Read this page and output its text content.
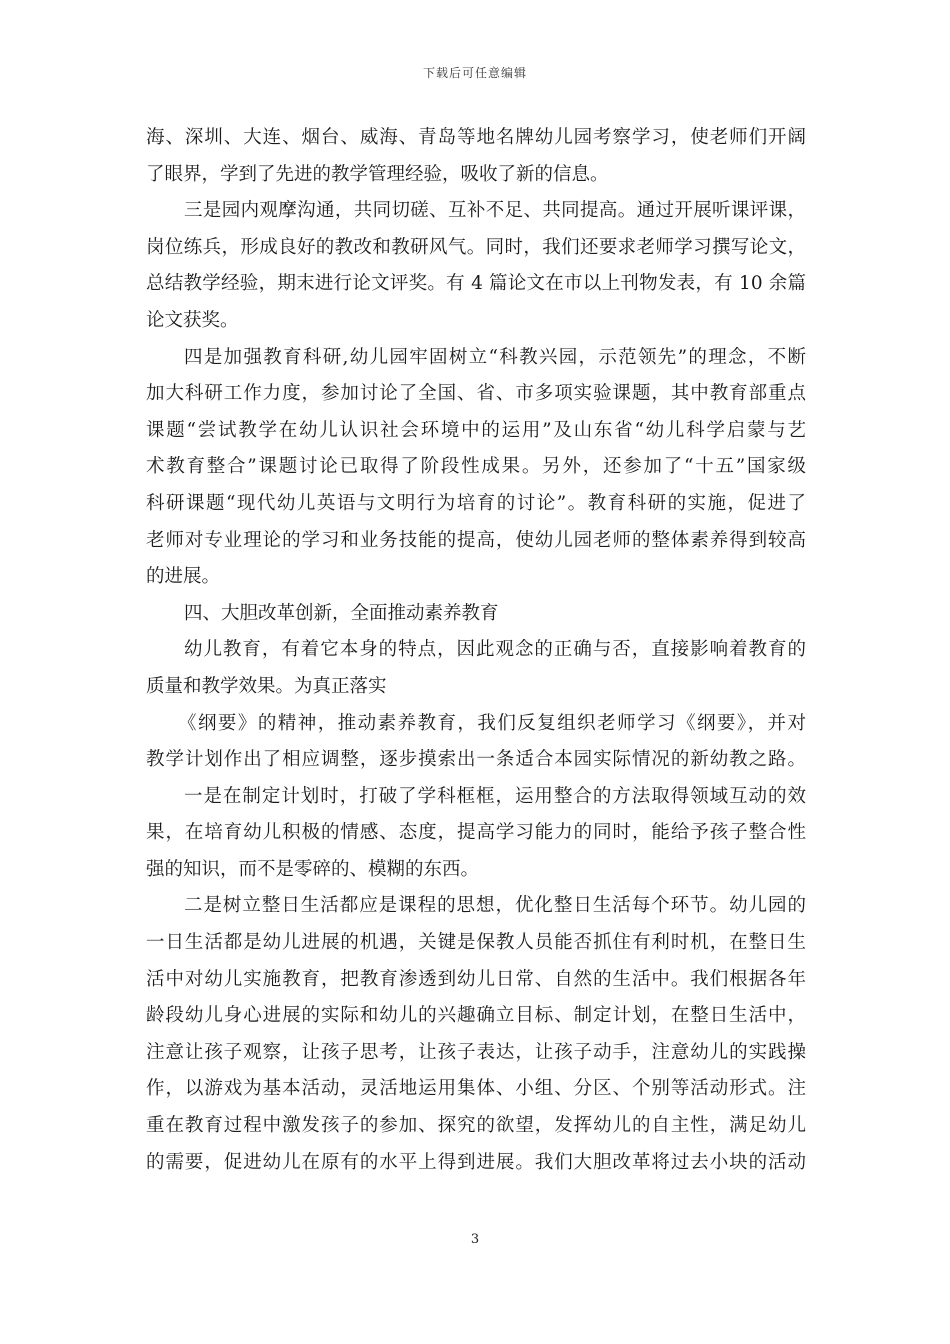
下载后可任意编辑
海、深圳、大连、烟台、威海、青岛等地名牌幼儿园考察学习，使老师们开阔
了眼界，学到了先进的教学管理经验，吸收了新的信息。
三是园内观摩沟通，共同切磋、互补不足、共同提高。通过开展听课评课，
岗位练兵，形成良好的教改和教研风气。同时，我们还要求老师学习撰写论文，
总结教学经验，期末进行论文评奖。有 4 篇论文在市以上刊物发表，有 10 余篇
论文获奖。
四是加强教育科研,幼儿园牢固树立“科教兴园，示范领先”的理念，不断
加大科研工作力度，参加讨论了全国、省、市多项实验课题，其中教育部重点
课题“尝试教学在幼儿认识社会环境中的运用”及山东省“幼儿科学启蒙与艺
术教育整合”课题讨论已取得了阶段性成果。另外，还参加了“十五”国家级
科研课题“现代幼儿英语与文明行为培育的讨论”。教育科研的实施，促进了
老师对专业理论的学习和业务技能的提高，使幼儿园老师的整体素养得到较高
的进展。
四、大胆改革创新，全面推动素养教育
幼儿教育，有着它本身的特点，因此观念的正确与否，直接影响着教育的
质量和教学效果。为真正落实
《纲要》的精神，推动素养教育，我们反复组织老师学习《纲要》，并对
教学计划作出了相应调整，逐步摸索出一条适合本园实际情况的新幼教之路。
一是在制定计划时，打破了学科框框，运用整合的方法取得领域互动的效
果，在培育幼儿积极的情感、态度，提高学习能力的同时，能给予孩子整合性
强的知识，而不是零碎的、模糊的东西。
二是树立整日生活都应是课程的思想，优化整日生活每个环节。幼儿园的
一日生活都是幼儿进展的机遇，关键是保教人员能否抓住有利时机，在整日生
活中对幼儿实施教育，把教育渗透到幼儿日常、自然的生活中。我们根据各年
龄段幼儿身心进展的实际和幼儿的兴趣确立目标、制定计划，在整日生活中，
注意让孩子观察，让孩子思考，让孩子表达，让孩子动手，注意幼儿的实践操
作，以游戏为基本活动，灵活地运用集体、小组、分区、个别等活动形式。注
重在教育过程中激发孩子的参加、探究的欲望，发挥幼儿的自主性，满足幼儿
的需要，促进幼儿在原有的水平上得到进展。我们大胆改革将过去小块的活动
3
